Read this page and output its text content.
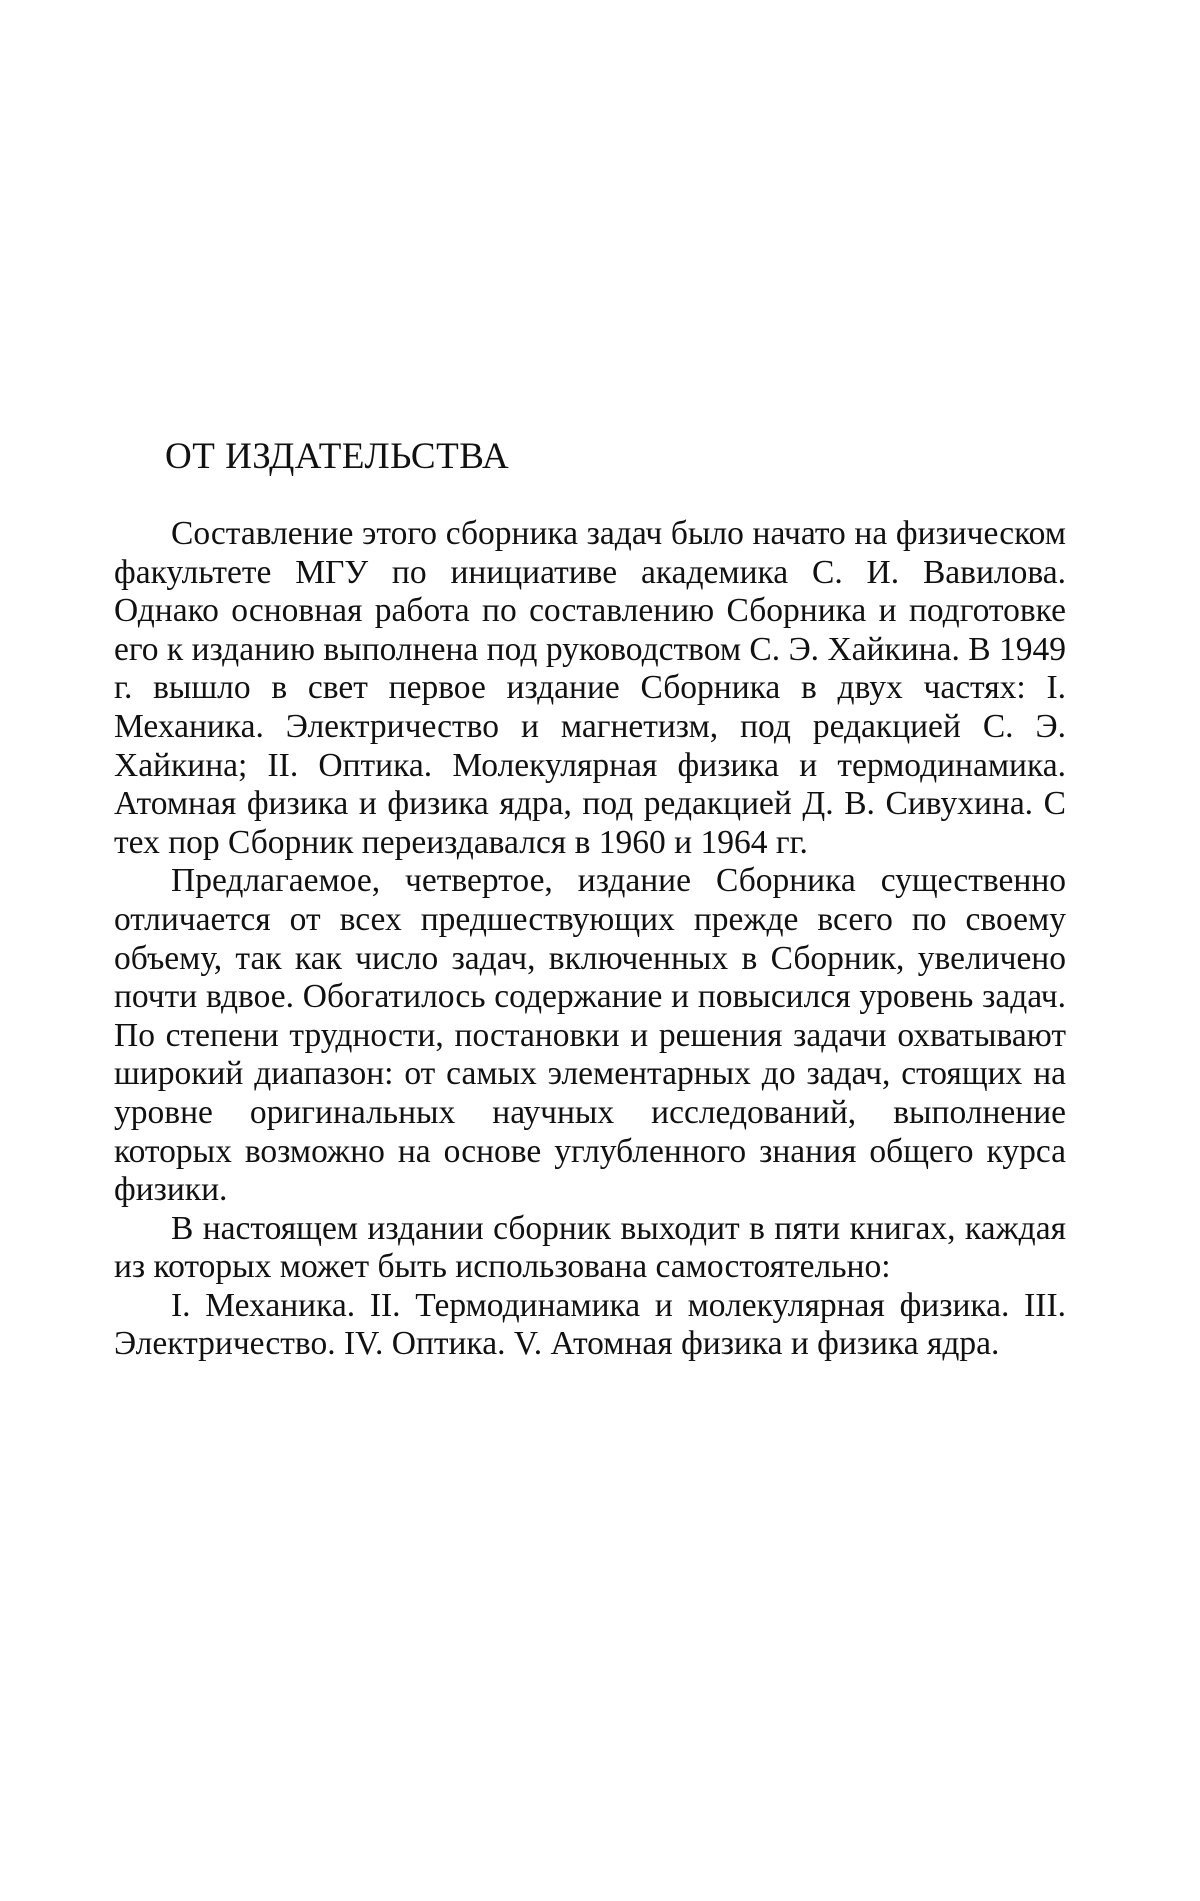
ОТ ИЗДАТЕЛЬСТВА

Составление этого сборника задач было начато на физическом факультете МГУ по инициативе академика С. И. Вавилова. Однако основная работа по составлению Сборника и подготовке его к изданию выполнена под руководством С. Э. Хайкина. В 1949 г. вышло в свет первое издание Сборника в двух частях: I. Механика. Электричество и магнетизм, под редакцией С. Э. Хайкина; II. Оптика. Молекулярная физика и термодинамика. Атомная физика и физика ядра, под редакцией Д. В. Сивухина. С тех пор Сборник переиздавался в 1960 и 1964 гг.

Предлагаемое, четвертое, издание Сборника существенно отличается от всех предшествующих прежде всего по своему объему, так как число задач, включенных в Сборник, увеличено почти вдвое. Обогатилось содержание и повысился уровень задач. По степени трудности, постановки и решения задачи охватывают широкий диапазон: от самых элементарных до задач, стоящих на уровне оригинальных научных исследований, выполнение которых возможно на основе углубленного знания общего курса физики.

В настоящем издании сборник выходит в пяти книгах, каждая из которых может быть использована самостоятельно:

I. Механика. II. Термодинамика и молекулярная физика. III. Электричество. IV. Оптика. V. Атомная физика и физика ядра.
